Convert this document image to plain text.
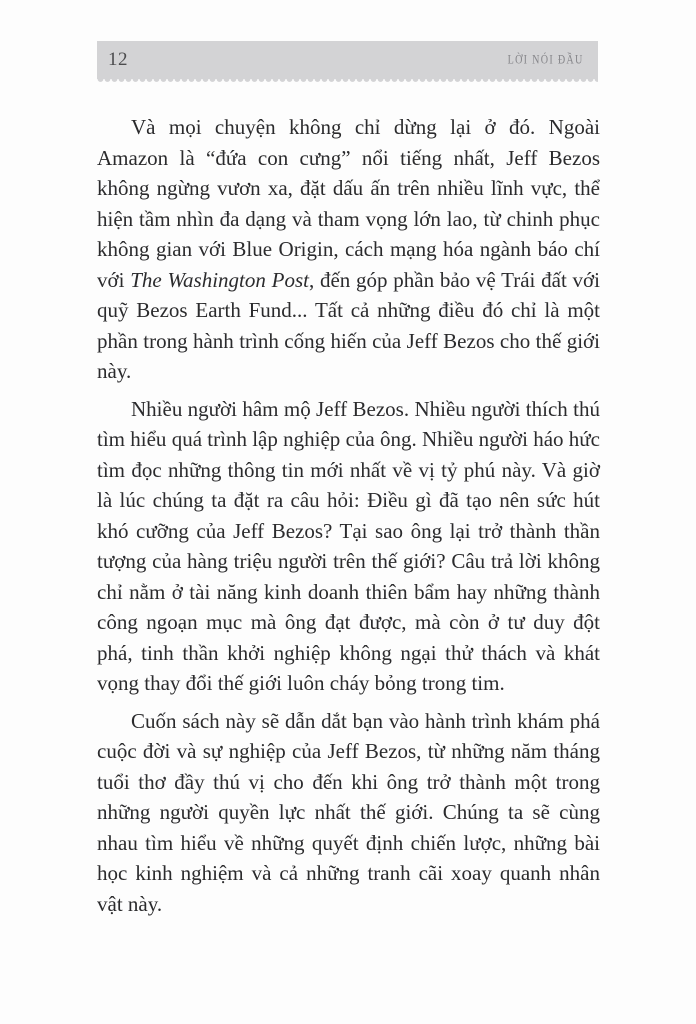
12	LỜI NÓI ĐẦU

Và mọi chuyện không chỉ dừng lại ở đó. Ngoài Amazon là “đứa con cưng” nổi tiếng nhất, Jeff Bezos không ngừng vươn xa, đặt dấu ấn trên nhiều lĩnh vực, thể hiện tầm nhìn đa dạng và tham vọng lớn lao, từ chinh phục không gian với Blue Origin, cách mạng hóa ngành báo chí với The Washington Post, đến góp phần bảo vệ Trái đất với quỹ Bezos Earth Fund... Tất cả những điều đó chỉ là một phần trong hành trình cống hiến của Jeff Bezos cho thế giới này.

Nhiều người hâm mộ Jeff Bezos. Nhiều người thích thú tìm hiểu quá trình lập nghiệp của ông. Nhiều người háo hức tìm đọc những thông tin mới nhất về vị tỷ phú này. Và giờ là lúc chúng ta đặt ra câu hỏi: Điều gì đã tạo nên sức hút khó cưỡng của Jeff Bezos? Tại sao ông lại trở thành thần tượng của hàng triệu người trên thế giới? Câu trả lời không chỉ nằm ở tài năng kinh doanh thiên bẩm hay những thành công ngoạn mục mà ông đạt được, mà còn ở tư duy đột phá, tinh thần khởi nghiệp không ngại thử thách và khát vọng thay đổi thế giới luôn cháy bỏng trong tim.

Cuốn sách này sẽ dẫn dắt bạn vào hành trình khám phá cuộc đời và sự nghiệp của Jeff Bezos, từ những năm tháng tuổi thơ đầy thú vị cho đến khi ông trở thành một trong những người quyền lực nhất thế giới. Chúng ta sẽ cùng nhau tìm hiểu về những quyết định chiến lược, những bài học kinh nghiệm và cả những tranh cãi xoay quanh nhân vật này.
